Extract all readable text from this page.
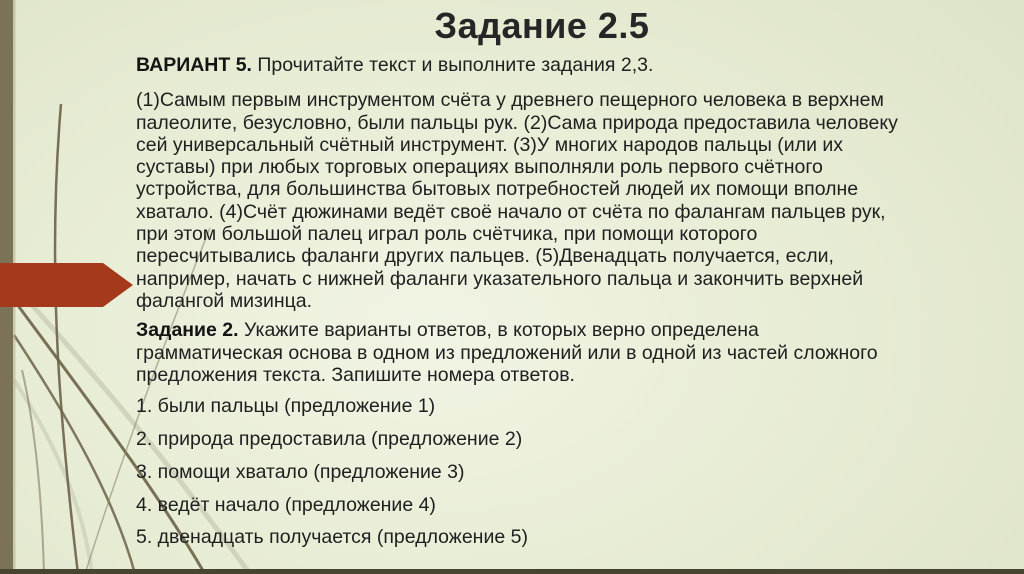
Задание 2.5
ВАРИАНТ 5. Прочитайте текст и выполните задания 2,3.
(1)Самым первым инструментом счёта у древнего пещерного человека в верхнем
палеолите, безусловно, были пальцы рук. (2)Сама природа предоставила человеку
сей универсальный счётный инструмент. (3)У многих народов пальцы (или их
суставы) при любых торговых операциях выполняли роль первого счётного
устройства, для большинства бытовых потребностей людей их помощи вполне
хватало. (4)Счёт дюжинами ведёт своё начало от счёта по фалангам пальцев рук,
при этом большой палец играл роль счётчика, при помощи которого
пересчитывались фаланги других пальцев. (5)Двенадцать получается, если,
например, начать с нижней фаланги указательного пальца и закончить верхней
фалангой мизинца.
Задание 2. Укажите варианты ответов, в которых верно определена
грамматическая основа в одном из предложений или в одной из частей сложного
предложения текста. Запишите номера ответов.
1. были пальцы (предложение 1)
2. природа предоставила (предложение 2)
3. помощи хватало (предложение 3)
4. ведёт начало (предложение 4)
5. двенадцать получается (предложение 5)
